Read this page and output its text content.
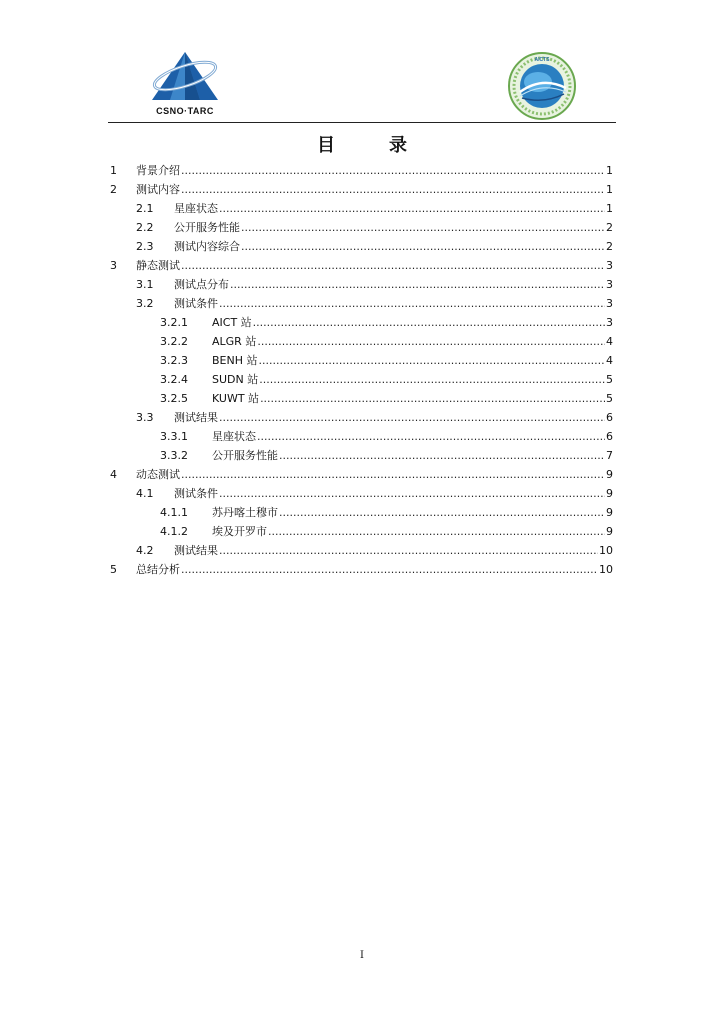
CSNO·TARC
AICTS
目　录
1	背景介绍 .....	1
2	测试内容 .....	1
2.1	星座状态 .....	1
2.2	公开服务性能 .....	2
2.3	测试内容综合 .....	2
3	静态测试 .....	3
3.1	测试点分布 .....	3
3.2	测试条件 .....	3
3.2.1	AICT 站 .....	3
3.2.2	ALGR 站 .....	4
3.2.3	BENH 站 .....	4
3.2.4	SUDN 站 .....	5
3.2.5	KUWT 站 .....	5
3.3	测试结果 .....	6
3.3.1	星座状态 .....	6
3.3.2	公开服务性能 .....	7
4	动态测试 .....	9
4.1	测试条件 .....	9
4.1.1	苏丹喀土穆市 .....	9
4.1.2	埃及开罗市 .....	9
4.2	测试结果 .....	10
5	总结分析 .....	10
I
